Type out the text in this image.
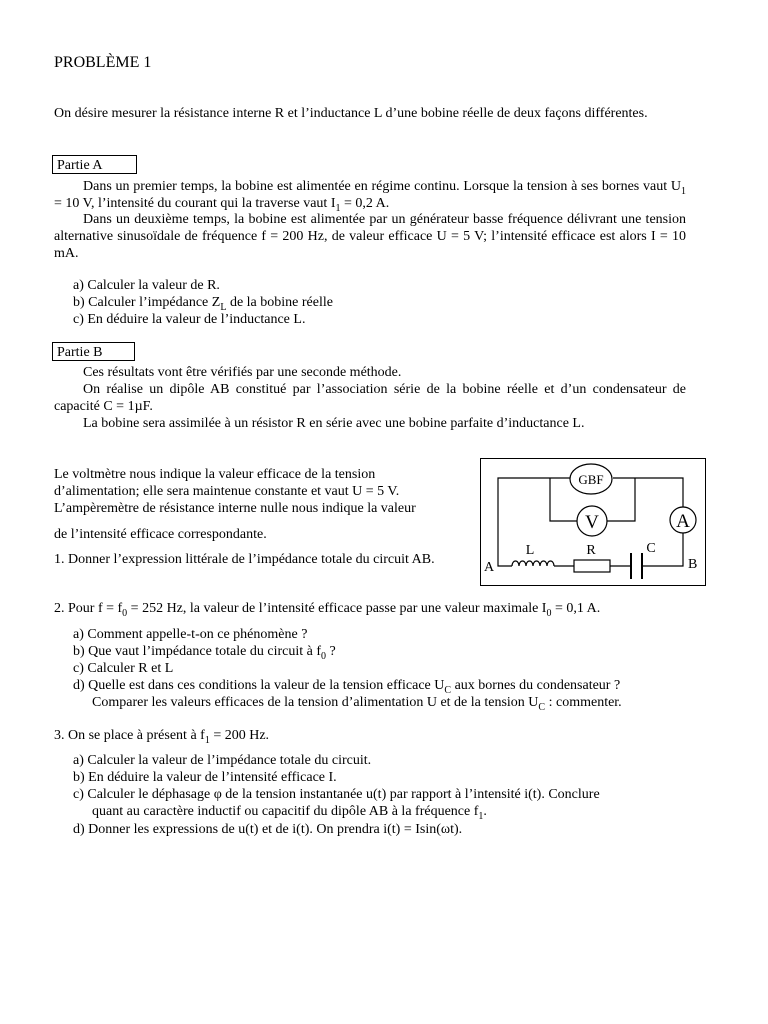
PROBLÈME 1

On désire mesurer la résistance interne R et l’inductance L d’une bobine réelle de deux façons différentes.

Partie A

Dans un premier temps, la bobine est alimentée en régime continu. Lorsque la tension à ses bornes vaut $U_1 = 10$ V, l’intensité du courant qui la traverse vaut $I_1 = 0,2$ A.

Dans un deuxième temps, la bobine est alimentée par un générateur basse fréquence délivrant une tension alternative sinusoïdale de fréquence f = 200 Hz, de valeur efficace U = 5 V; l’intensité efficace est alors I = 10 mA.

a) Calculer la valeur de R.
b) Calculer l’impédance $Z_L$ de la bobine réelle
c) En déduire la valeur de l’inductance L.
Partie B
Ces résultats vont être vérifiés par une seconde méthode.

On réalise un dipôle AB constitué par l’association série de la bobine réelle et d’un condensateur de capacité C = 1µF.

La bobine sera assimilée à un résistor R en série avec une bobine parfaite d’inductance L.

Le voltmètre nous indique la valeur efficace de la tension d’alimentation; elle sera maintenue constante et vaut U = 5 V. L’ampèremètre de résistance interne nulle nous indique la valeur

de l’intensité efficace correspondante.

1. Donner l’expression littérale de l’impédance totale du circuit AB.

GBF
V	A
L	R	C
A	B
2. Pour $f = f_0 = 252$ Hz, la valeur de l’intensité efficace passe par une valeur maximale $I_0 = 0,1$ A.
a) Comment appelle-t-on ce phénomène ?
b) Que vaut l’impédance totale du circuit à $f_0$ ?
c) Calculer R et L
d) Quelle est dans ces conditions la valeur de la tension efficace $U_C$ aux bornes du condensateur ?
Comparer les valeurs efficaces de la tension d’alimentation U et de la tension $U_C$ : commenter.
3. On se place à présent à $f_1 = 200$ Hz.
a) Calculer la valeur de l’impédance totale du circuit.
b) En déduire la valeur de l’intensité efficace I.
c) Calculer le déphasage φ de la tension instantanée u(t) par rapport à l’intensité i(t). Conclure
quant au caractère inductif ou capacitif du dipôle AB à la fréquence $f_1$.
d) Donner les expressions de u(t) et de i(t). On prendra i(t) = Isin(ωt).
